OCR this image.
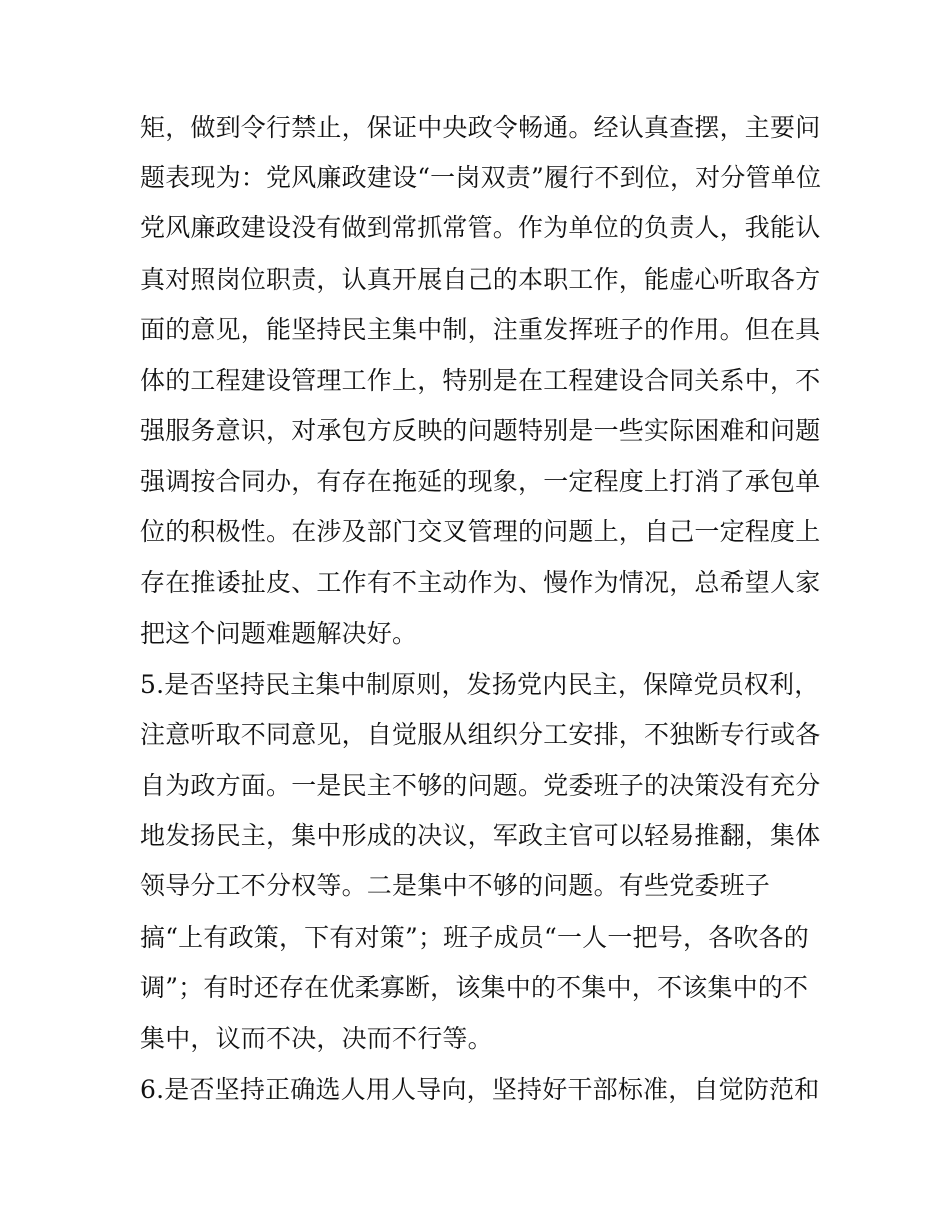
矩，做到令行禁止，保证中央政令畅通。经认真查摆，主要问
题表现为：党风廉政建设“一岗双责”履行不到位，对分管单位
党风廉政建设没有做到常抓常管。作为单位的负责人，我能认
真对照岗位职责，认真开展自己的本职工作，能虚心听取各方
面的意见，能坚持民主集中制，注重发挥班子的作用。但在具
体的工程建设管理工作上，特别是在工程建设合同关系中，不
强服务意识，对承包方反映的问题特别是一些实际困难和问题
强调按合同办，有存在拖延的现象，一定程度上打消了承包单
位的积极性。在涉及部门交叉管理的问题上，自己一定程度上
存在推诿扯皮、工作有不主动作为、慢作为情况，总希望人家
把这个问题难题解决好。
5.是否坚持民主集中制原则，发扬党内民主，保障党员权利，
注意听取不同意见，自觉服从组织分工安排，不独断专行或各
自为政方面。一是民主不够的问题。党委班子的决策没有充分
地发扬民主，集中形成的决议，军政主官可以轻易推翻，集体
领导分工不分权等。二是集中不够的问题。有些党委班子
搞“上有政策，下有对策”；班子成员“一人一把号，各吹各的
调”；有时还存在优柔寡断，该集中的不集中，不该集中的不
集中，议而不决，决而不行等。
6.是否坚持正确选人用人导向，坚持好干部标准，自觉防范和
